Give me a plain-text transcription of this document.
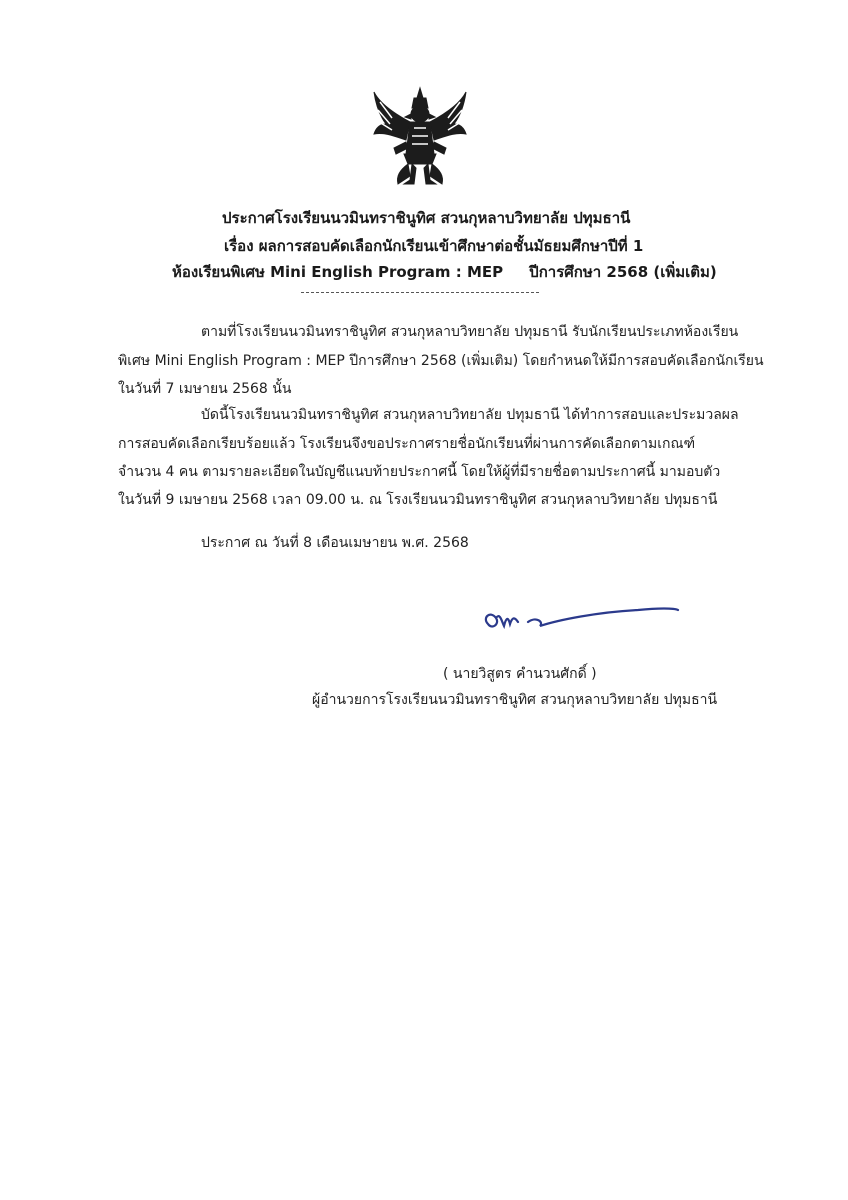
ประกาศโรงเรียนนวมินทราชินูทิศ สวนกุหลาบวิทยาลัย ปทุมธานี
เรื่อง ผลการสอบคัดเลือกนักเรียนเข้าศึกษาต่อชั้นมัธยมศึกษาปีที่ 1
ห้องเรียนพิเศษ Mini English Program : MEP ปีการศึกษา 2568 (เพิ่มเติม)
ตามที่โรงเรียนนวมินทราชินูทิศ สวนกุหลาบวิทยาลัย ปทุมธานี รับนักเรียนประเภทห้องเรียน
พิเศษ Mini English Program : MEP ปีการศึกษา 2568 (เพิ่มเติม) โดยกำหนดให้มีการสอบคัดเลือกนักเรียน
ในวันที่ 7 เมษายน 2568 นั้น
บัดนี้โรงเรียนนวมินทราชินูทิศ สวนกุหลาบวิทยาลัย ปทุมธานี ได้ทำการสอบและประมวลผล
การสอบคัดเลือกเรียบร้อยแล้ว โรงเรียนจึงขอประกาศรายชื่อนักเรียนที่ผ่านการคัดเลือกตามเกณฑ์
จำนวน 4 คน ตามรายละเอียดในบัญชีแนบท้ายประกาศนี้ โดยให้ผู้ที่มีรายชื่อตามประกาศนี้ มามอบตัว
ในวันที่ 9 เมษายน 2568 เวลา 09.00 น. ณ โรงเรียนนวมินทราชินูทิศ สวนกุหลาบวิทยาลัย ปทุมธานี
ประกาศ ณ วันที่ 8 เดือนเมษายน พ.ศ. 2568
( นายวิสูตร คำนวนศักดิ์ )
ผู้อำนวยการโรงเรียนนวมินทราชินูทิศ สวนกุหลาบวิทยาลัย ปทุมธานี
